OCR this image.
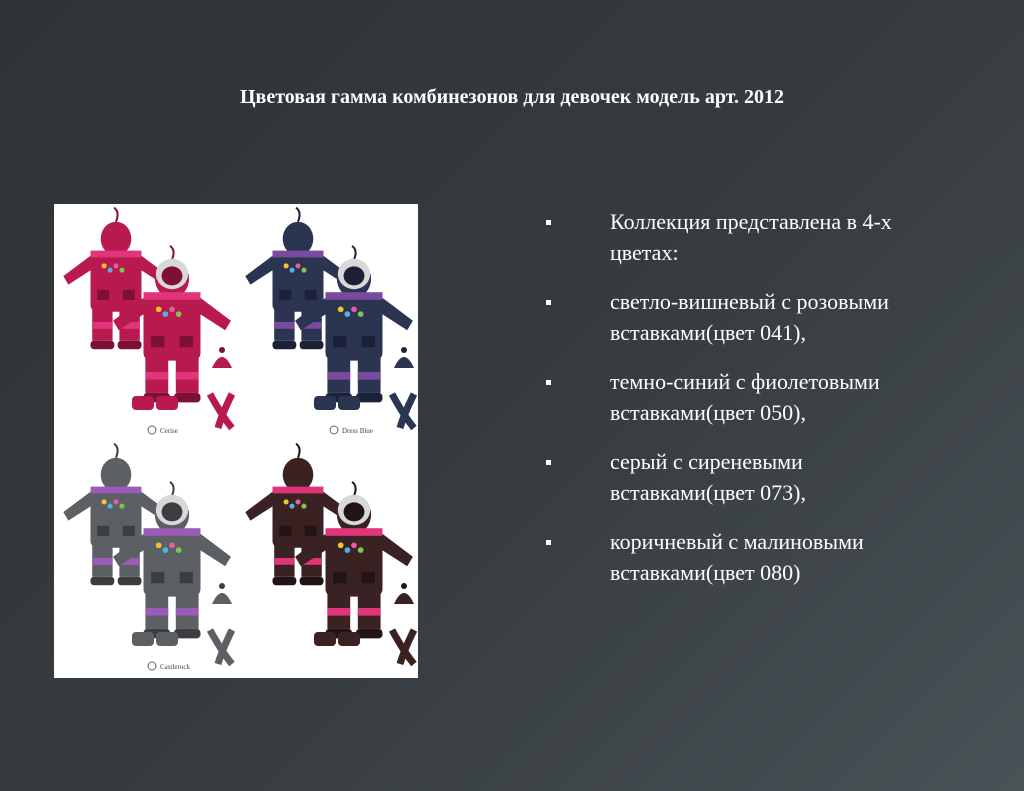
Цветовая гамма комбинезонов для девочек модель арт. 2012
Cerise	Dress Blue
Castlerock
Коллекция представлена в 4-х цветах:
светло-вишневый с розовыми вставками(цвет 041),
темно-синий с фиолетовыми вставками(цвет 050),
серый с сиреневыми вставками(цвет 073),
коричневый с малиновыми вставками(цвет 080)
